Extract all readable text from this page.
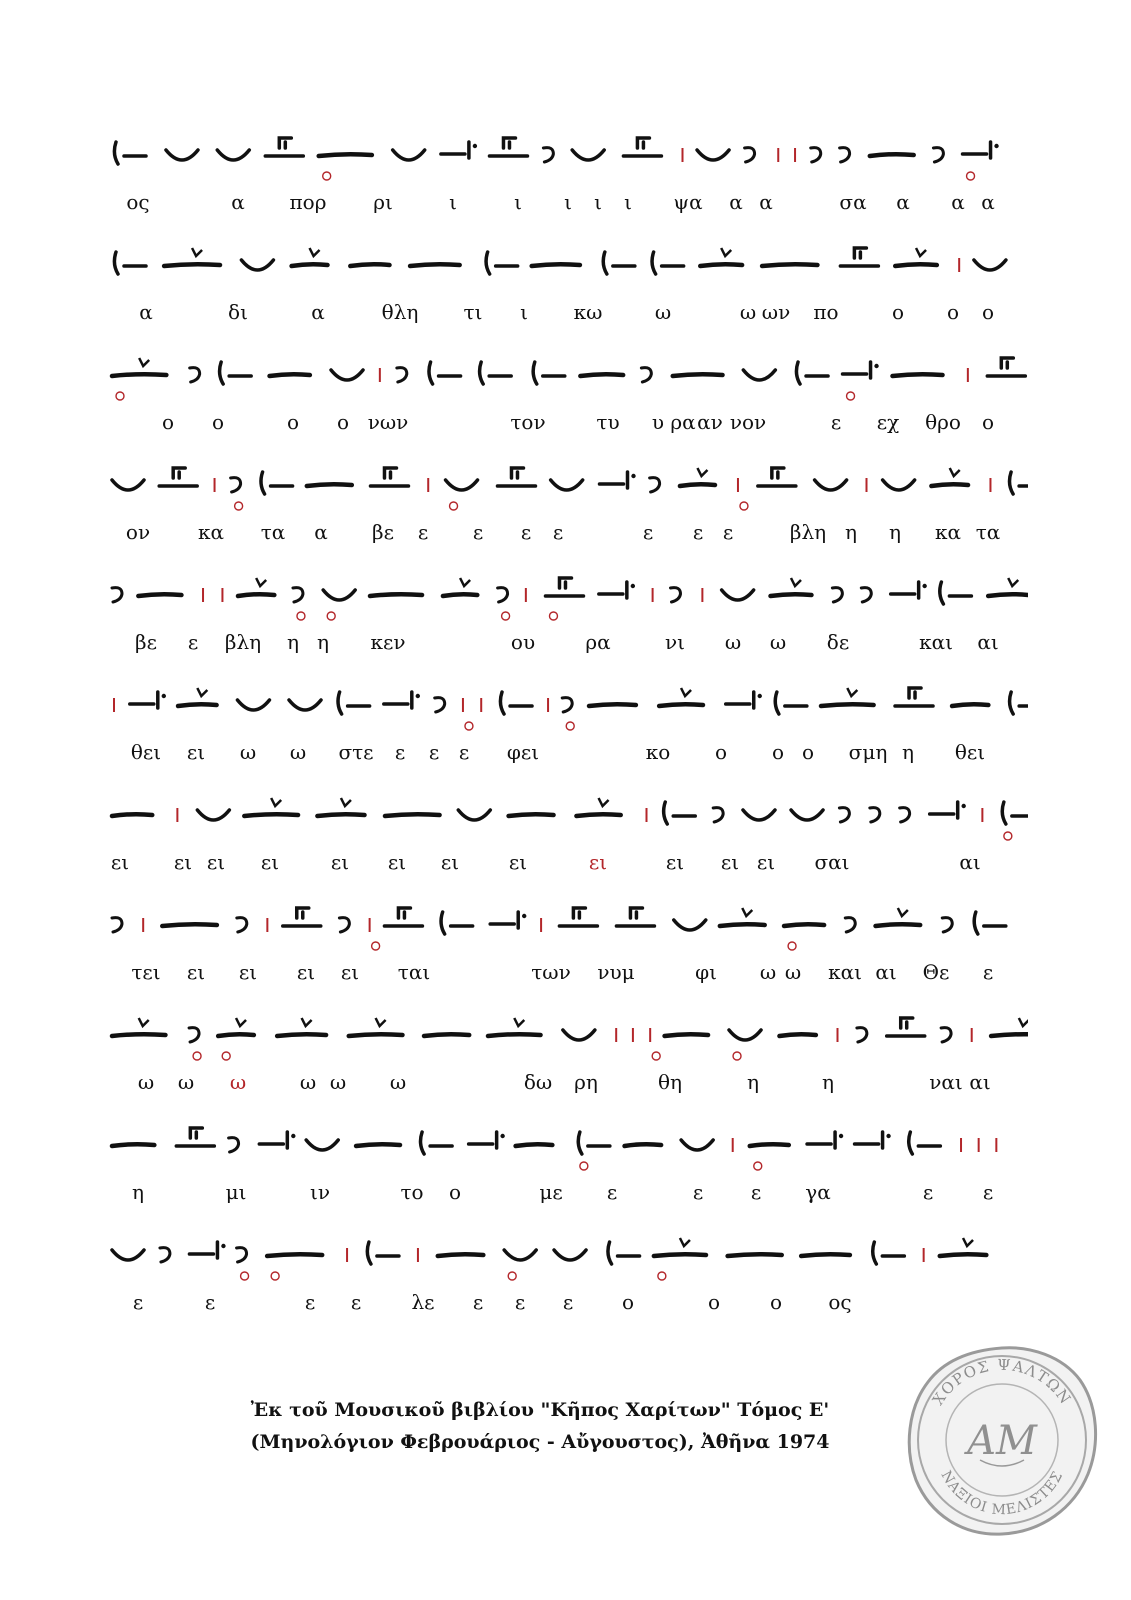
ος	α πορ ρι	ι	ι ι ι ι ψα α α	σα α α α
α	δι	α	θλη τι ι κω	ω	ω ων πο	ο ο ο
ο ο	ο ο νων	τον	τυ υ ρα αν νον	ε εχ θρο ο
ον κα τα α βε ε ε ε ε	ε ε ε	βλη η η κα τα
βε ε βλη η η κεν	ου	ρα	νι ω ω δε	και αι
θει ει ω ω στε ε ε ε φει	κο ο ο ο σμη η θει
ει ει ει ει	ει ει ει ει	ει	ει ει ει σαι	αι
τει ει ει ει ει ται	των νυμ	φι ω ω και αι Θε ε
ω ω ω	ω ω ω	δω ρη	θη	η	η	ναι αι
η	μι	ιν	το ο	με ε	ε ε γα	ε ε
ε	ε	ε ε	λε ε ε ε ο	ο ο ος
Ἐκ τοῦ Μουσικοῦ βιβλίου "Κῆπος Χαρίτων" Τόμος Ε'
(Μηνολόγιον Φεβρουάριος - Αὔγουστος), Ἀθῆνα 1974
ΧΟΡΟΣ ΨΑΛΤΩΝ
ΝΑΞΙΟΙ ΜΕΛΙΣΤΕΣ
ΑΜ
